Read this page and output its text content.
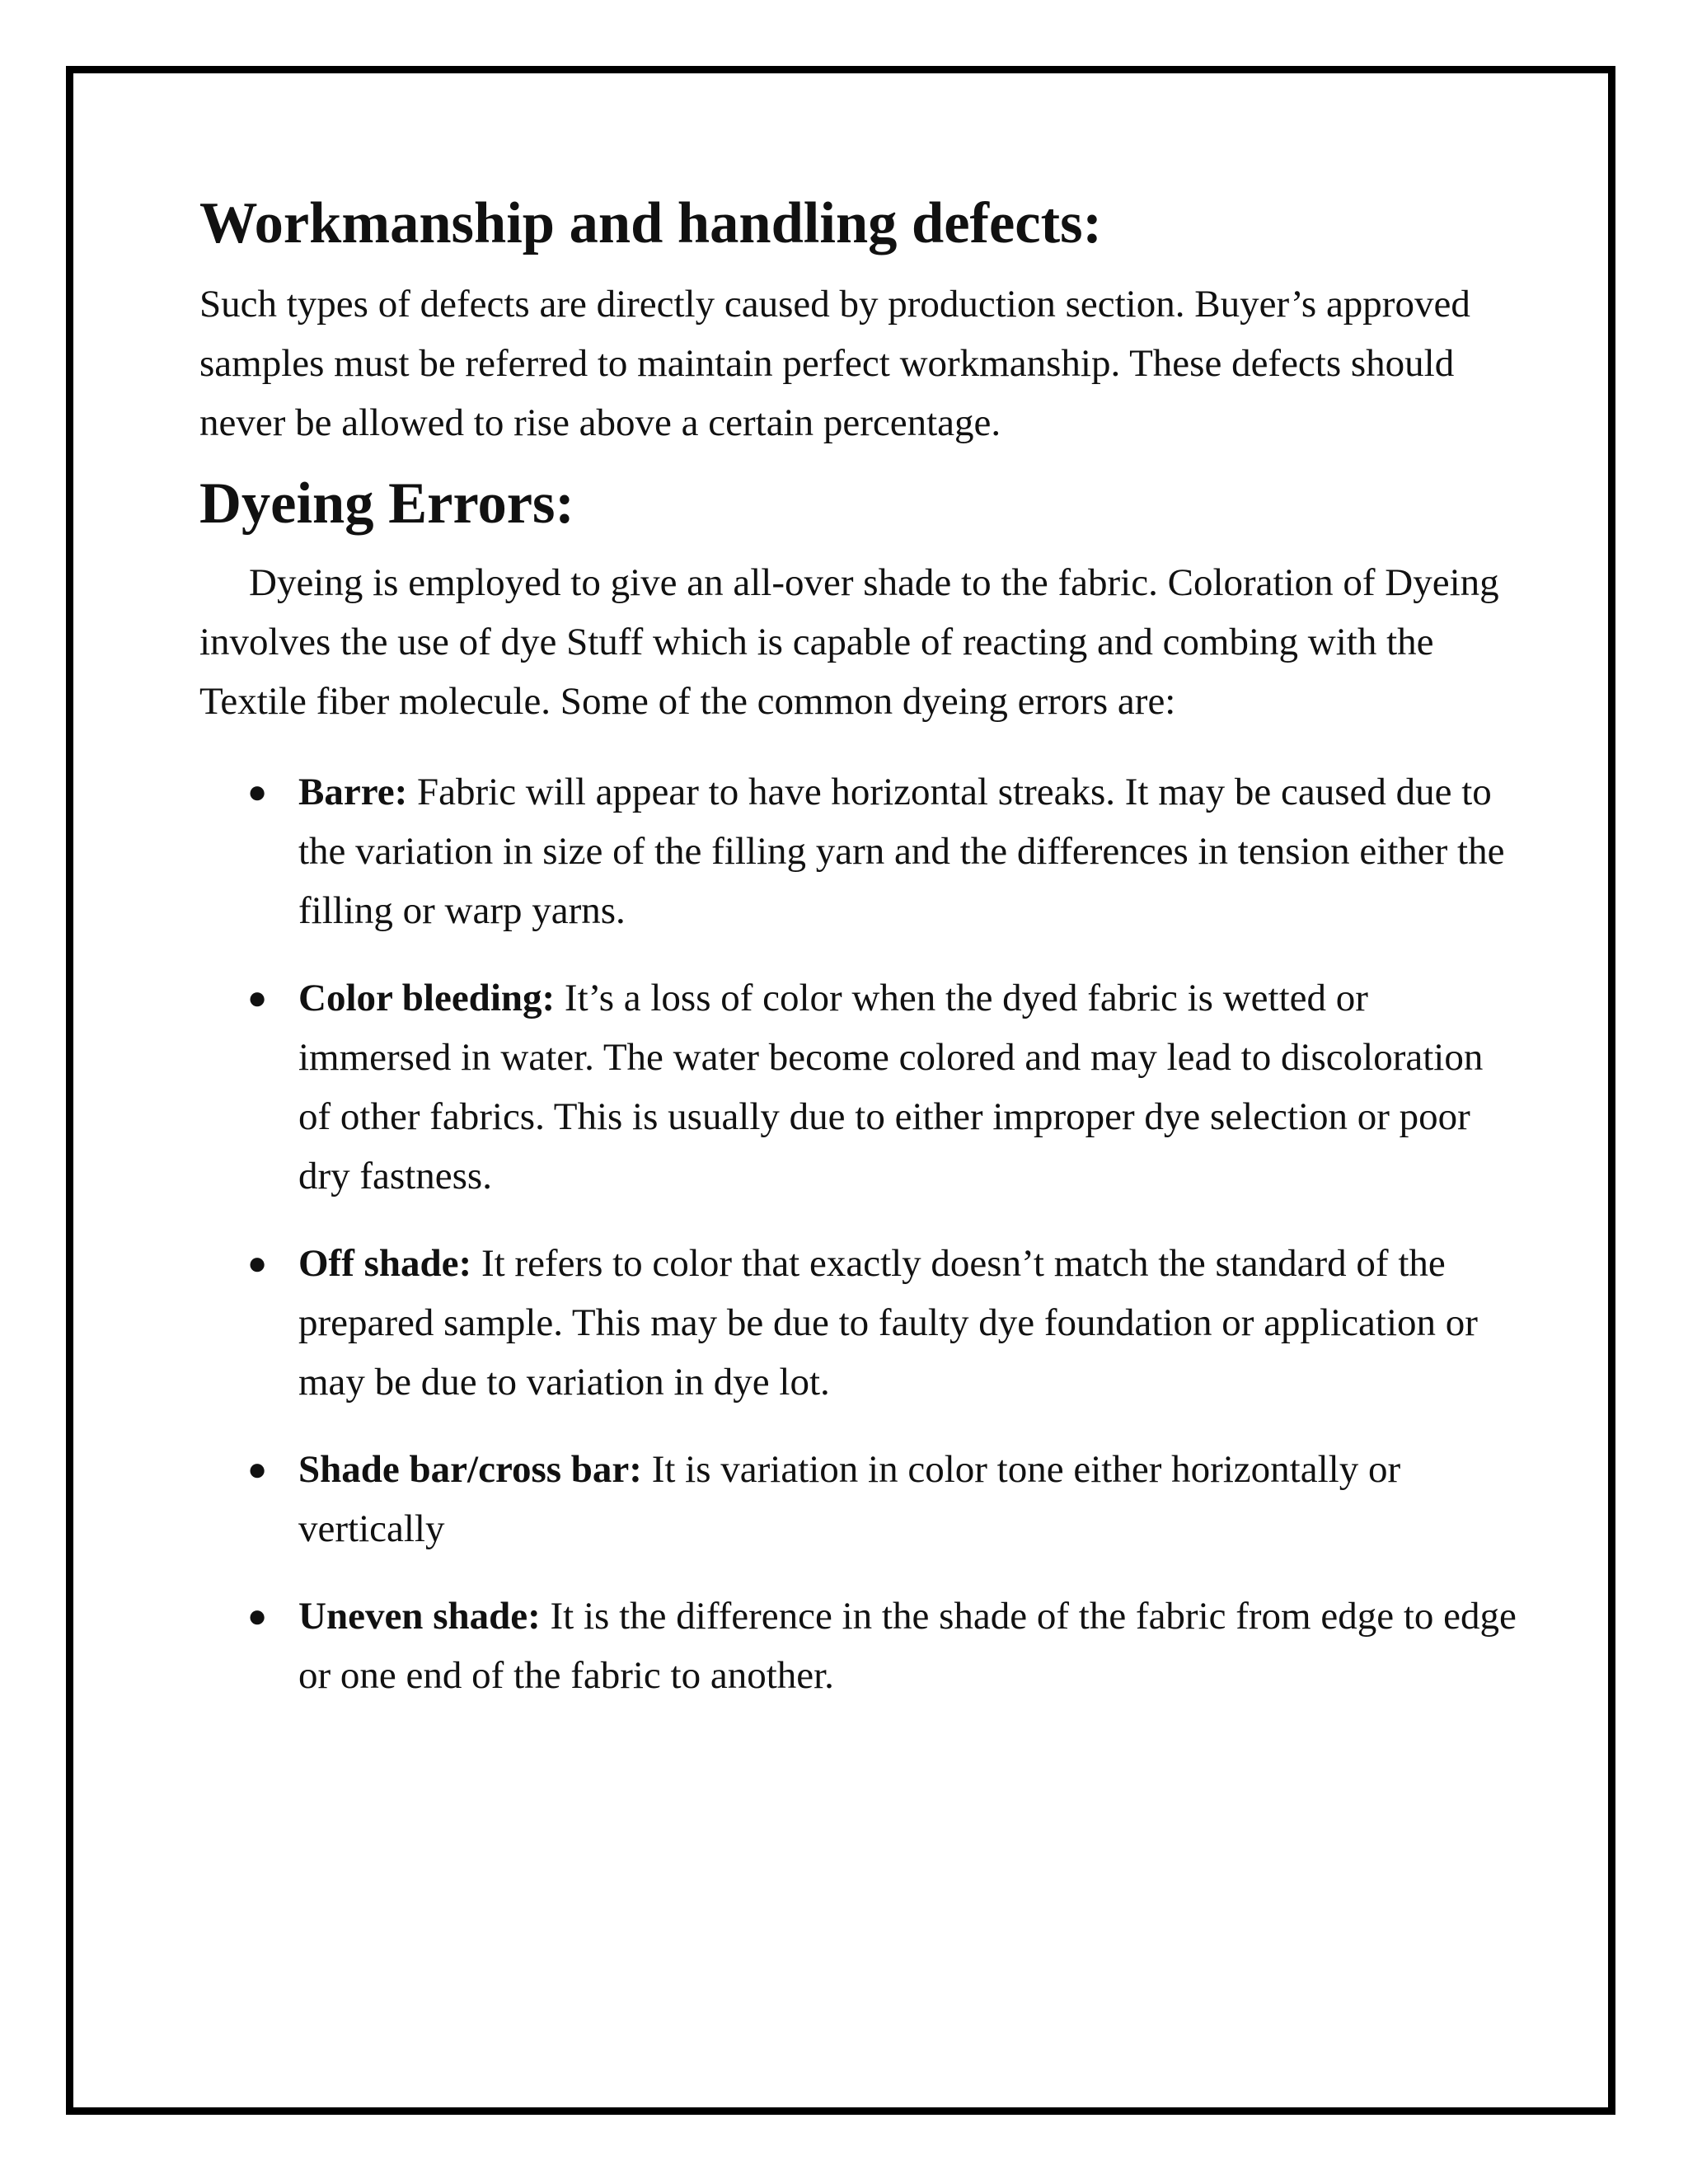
Workmanship and handling defects:

Such types of defects are directly caused by production section. Buyer’s approved samples must be referred to maintain perfect workmanship. These defects should never be allowed to rise above a certain percentage.

Dyeing Errors:

Dyeing is employed to give an all-over shade to the fabric. Coloration of Dyeing involves the use of dye Stuff which is capable of reacting and combing with the Textile fiber molecule. Some of the common dyeing errors are:

● Barre: Fabric will appear to have horizontal streaks. It may be caused due to the variation in size of the filling yarn and the differences in tension either the filling or warp yarns.
● Color bleeding: It’s a loss of color when the dyed fabric is wetted or immersed in water. The water become colored and may lead to discoloration of other fabrics. This is usually due to either improper dye selection or poor dry fastness.
● Off shade: It refers to color that exactly doesn’t match the standard of the prepared sample. This may be due to faulty dye foundation or application or may be due to variation in dye lot.
● Shade bar/cross bar: It is variation in color tone either horizontally or vertically
● Uneven shade: It is the difference in the shade of the fabric from edge to edge or one end of the fabric to another.
